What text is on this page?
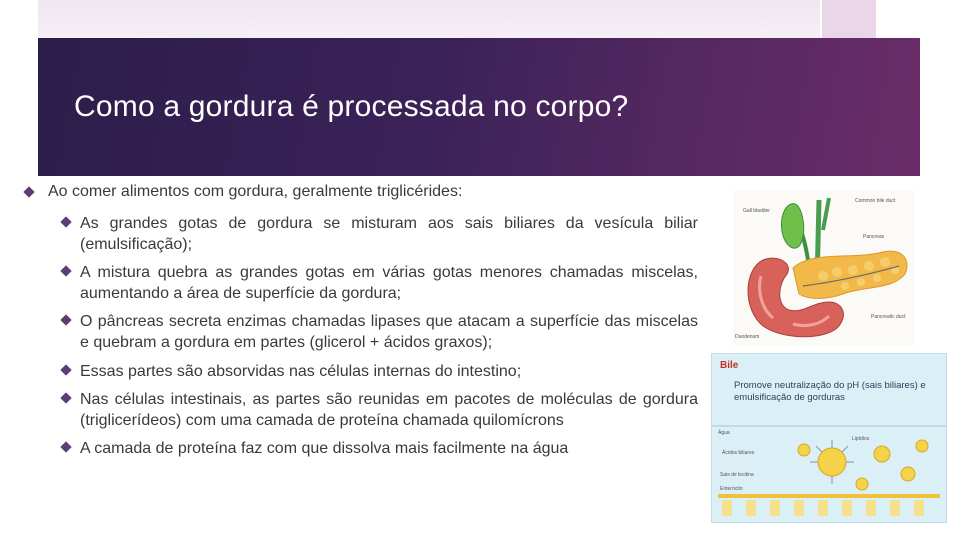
Como a gordura é processada no corpo?
Ao comer alimentos com gordura, geralmente triglicérides:
As grandes gotas de gordura se misturam aos sais biliares da vesícula biliar (emulsificação);
A mistura quebra as grandes gotas em várias gotas menores chamadas miscelas, aumentando a área de superfície da gordura;
O pâncreas secreta enzimas chamadas lipases que atacam a superfície das miscelas e quebram a gordura em partes (glicerol + ácidos graxos);
Essas partes são absorvidas nas células internas do intestino;
Nas células intestinais, as partes são reunidas em pacotes de moléculas de gordura (triglicerídeos) com uma camada de proteína chamada quilomícrons
A camada de proteína faz com que dissolva mais facilmente na água
Gall bladder
Common bile duct
Pancreas
Pancreatic duct
Duodenum
Bile
Promove neutralização do pH (sais biliares) e emulsificação de gorduras
Água
Lipídios
Ácidos biliares
Sais de lecitina
Enterócito
